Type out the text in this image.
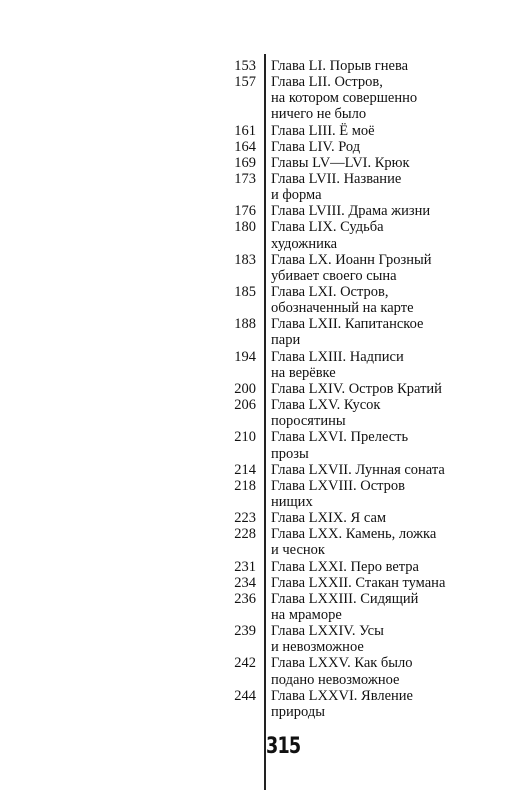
153 Глава LI. Порыв гнева
157 Глава LII. Остров,
на котором совершенно
ничего не было
161 Глава LIII. Ё моё
164 Глава LIV. Род
169 Главы LV—LVI. Крюк
173 Глава LVII. Название
и форма
176 Глава LVIII. Драма жизни
180 Глава LIX. Судьба
художника
183 Глава LX. Иоанн Грозный
убивает своего сына
185 Глава LXI. Остров,
обозначенный на карте
188 Глава LXII. Капитанское
пари
194 Глава LXIII. Надписи
на верёвке
200 Глава LXIV. Остров Кратий
206 Глава LXV. Кусок
поросятины
210 Глава LXVI. Прелесть
прозы
214 Глава LXVII. Лунная соната
218 Глава LXVIII. Остров
нищих
223 Глава LXIX. Я сам
228 Глава LXX. Камень, ложка
и чеснок
231 Глава LXXI. Перо ветра
234 Глава LXXII. Стакан тумана
236 Глава LXXIII. Сидящий
на мраморе
239 Глава LXXIV. Усы
и невозможное
242 Глава LXXV. Как было
подано невозможное
244 Глава LXXVI. Явление
природы
315
